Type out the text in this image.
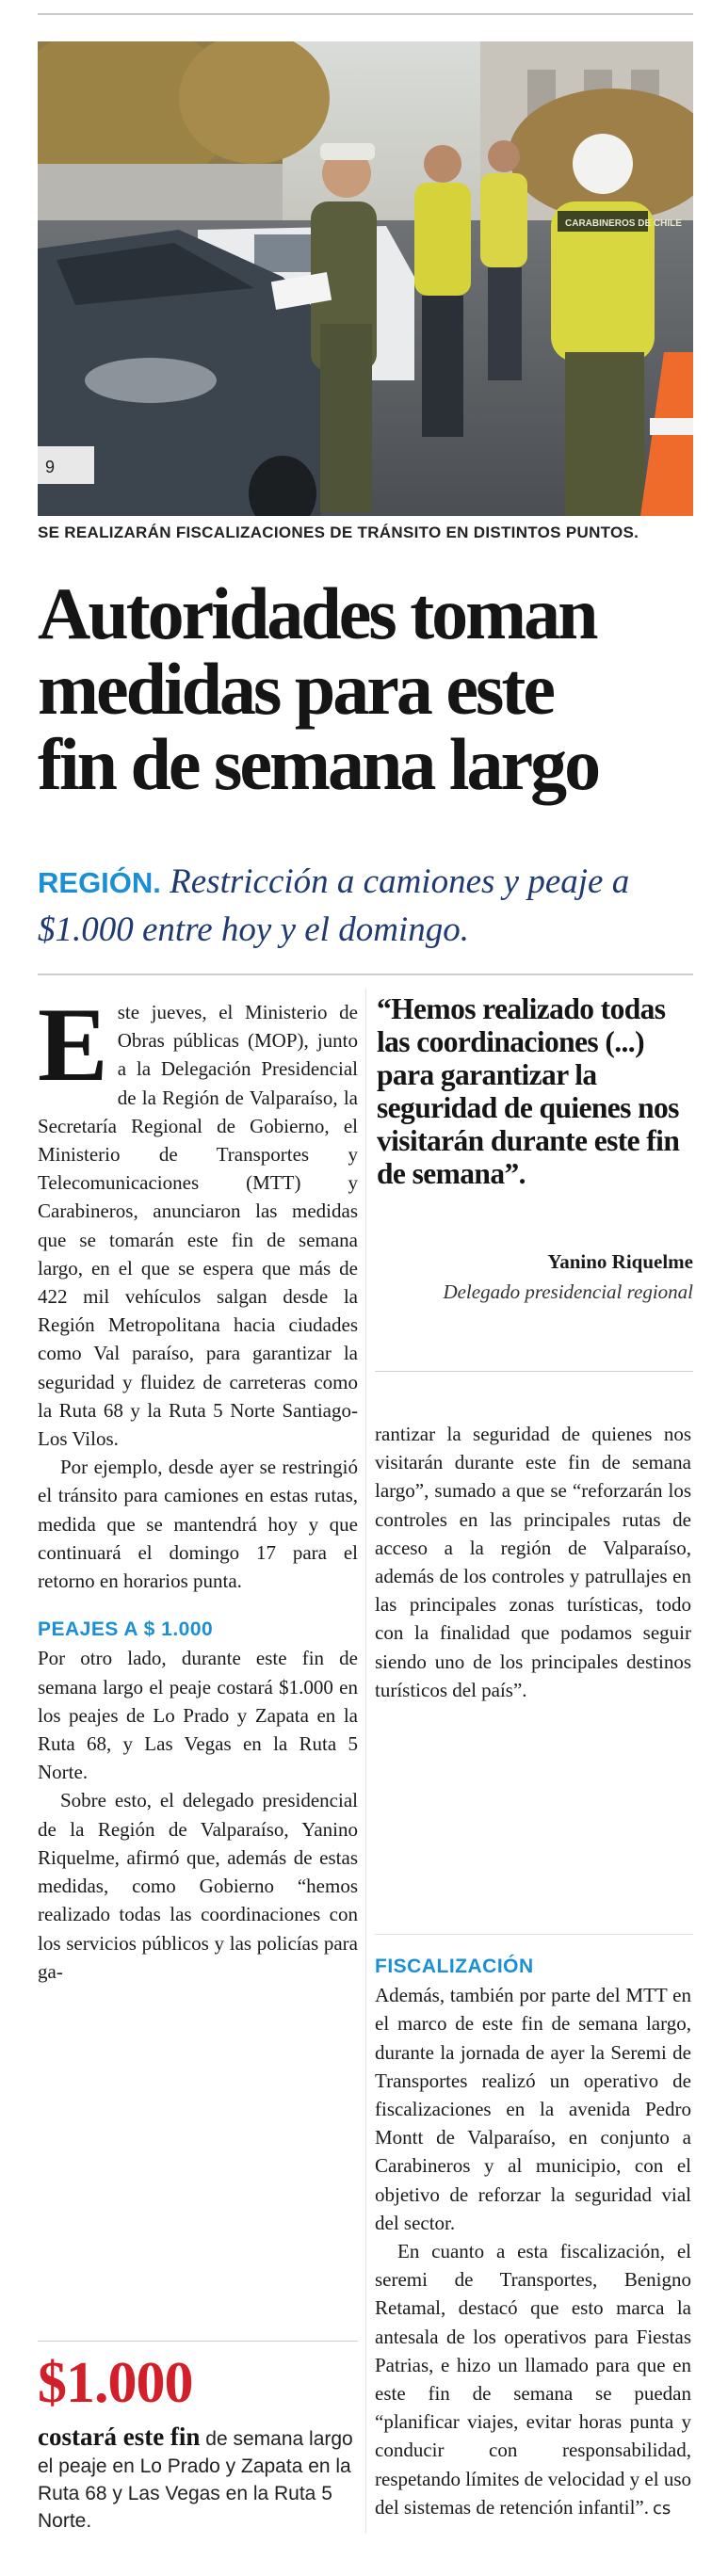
9
CARABINEROS DE CHILE
SE REALIZARÁN FISCALIZACIONES DE TRÁNSITO EN DISTINTOS PUNTOS.
Autoridades toman
medidas para este
fin de semana largo

REGIÓN. Restricción a camiones y peaje a $1.000 entre hoy y el domingo.

E ste jueves, el Ministerio de Obras públicas (MOP), junto a la Delegación Presidencial de la Región de Valparaíso, la Secretaría Regional de Gobierno, el Ministerio de Transportes y Telecomunicaciones (MTT) y Carabineros, anunciaron las medidas que se tomarán este fin de semana largo, en el que se espera que más de 422 mil vehículos salgan desde la Región Metropolitana hacia ciudades como Val paraíso, para garantizar la seguridad y fluidez de carreteras como la Ruta 68 y la Ruta 5 Norte Santiago-Los Vilos.

Por ejemplo, desde ayer se restringió el tránsito para camiones en estas rutas, medida que se mantendrá hoy y que continuará el domingo 17 para el retorno en horarios punta.

PEAJES A $ 1.000

Por otro lado, durante este fin de semana largo el peaje costará $1.000 en los peajes de Lo Prado y Zapata en la Ruta 68, y Las Vegas en la Ruta 5 Norte.

Sobre esto, el delegado presidencial de la Región de Valparaíso, Yanino Riquelme, afirmó que, además de estas medidas, como Gobierno “hemos realizado todas las coordinaciones con los servicios públicos y las policías para ga-

“Hemos realizado todas las coordinaciones (...) para garantizar la seguridad de quienes nos visitarán durante este fin de semana”.

Yanino Riquelme
Delegado presidencial regional

rantizar la seguridad de quienes nos visitarán durante este fin de semana largo”, sumado a que se “reforzarán los controles en las principales rutas de acceso a la región de Valparaíso, además de los controles y patrullajes en las principales zonas turísticas, todo con la finalidad que podamos seguir siendo uno de los principales destinos turísticos del país”.

FISCALIZACIÓN

Además, también por parte del MTT en el marco de este fin de semana largo, durante la jornada de ayer la Seremi de Transportes realizó un operativo de fiscalizaciones en la avenida Pedro Montt de Valparaíso, en conjunto a Carabineros y al municipio, con el objetivo de reforzar la seguridad vial del sector.

En cuanto a esta fiscalización, el seremi de Transportes, Benigno Retamal, destacó que esto marca la antesala de los operativos para Fiestas Patrias, e hizo un llamado para que en este fin de semana se puedan “planificar viajes, evitar horas punta y conducir con responsabilidad, respetando límites de velocidad y el uso del sistemas de retención infantil”. cs

$1.000

costará este fin de semana largo el peaje en Lo Prado y Zapata en la Ruta 68 y Las Vegas en la Ruta 5 Norte.
